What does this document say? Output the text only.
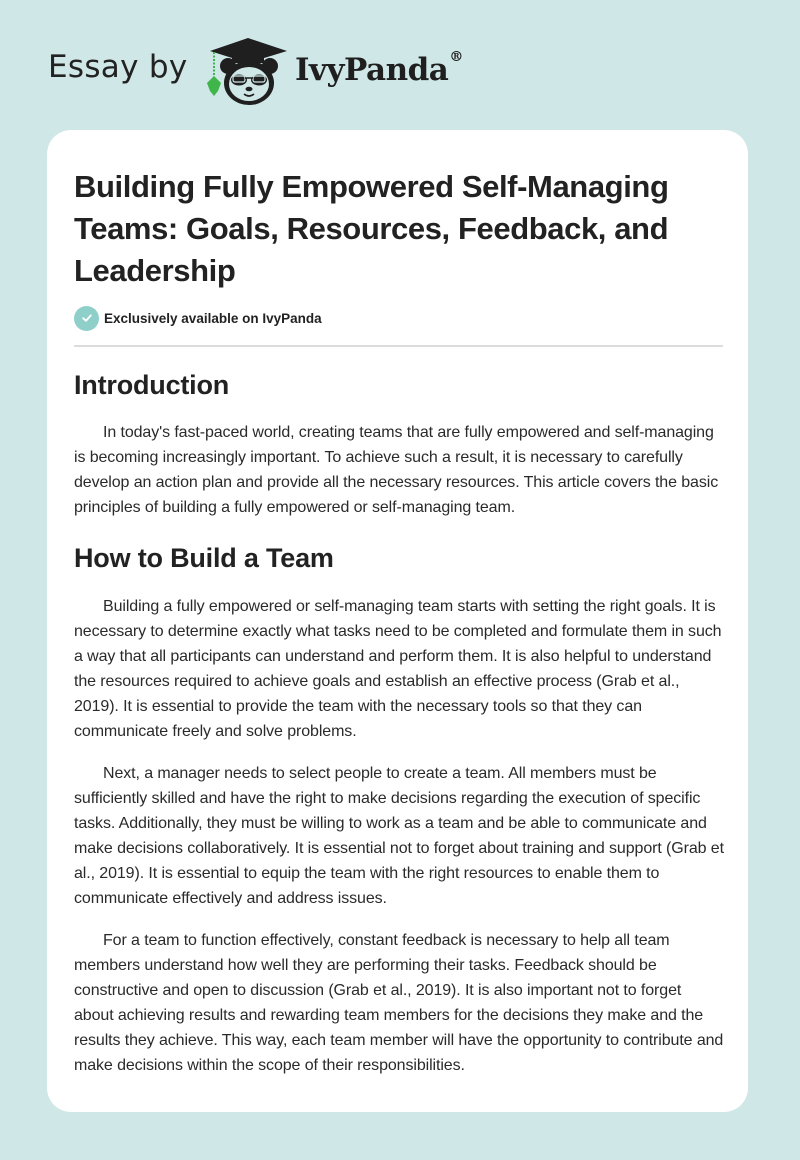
Essay by	IvyPanda®
Building Fully Empowered Self-Managing Teams: Goals, Resources, Feedback, and Leadership
Exclusively available on IvyPanda
Introduction

In today's fast-paced world, creating teams that are fully empowered and self-managing is becoming increasingly important. To achieve such a result, it is necessary to carefully develop an action plan and provide all the necessary resources. This article covers the basic principles of building a fully empowered or self-managing team.

How to Build a Team

Building a fully empowered or self-managing team starts with setting the right goals. It is necessary to determine exactly what tasks need to be completed and formulate them in such a way that all participants can understand and perform them. It is also helpful to understand the resources required to achieve goals and establish an effective process (Grab et al., 2019). It is essential to provide the team with the necessary tools so that they can communicate freely and solve problems.

Next, a manager needs to select people to create a team. All members must be sufficiently skilled and have the right to make decisions regarding the execution of specific tasks. Additionally, they must be willing to work as a team and be able to communicate and make decisions collaboratively. It is essential not to forget about training and support (Grab et al., 2019). It is essential to equip the team with the right resources to enable them to communicate effectively and address issues.

For a team to function effectively, constant feedback is necessary to help all team members understand how well they are performing their tasks. Feedback should be constructive and open to discussion (Grab et al., 2019). It is also important not to forget about achieving results and rewarding team members for the decisions they make and the results they achieve. This way, each team member will have the opportunity to contribute and make decisions within the scope of their responsibilities.
